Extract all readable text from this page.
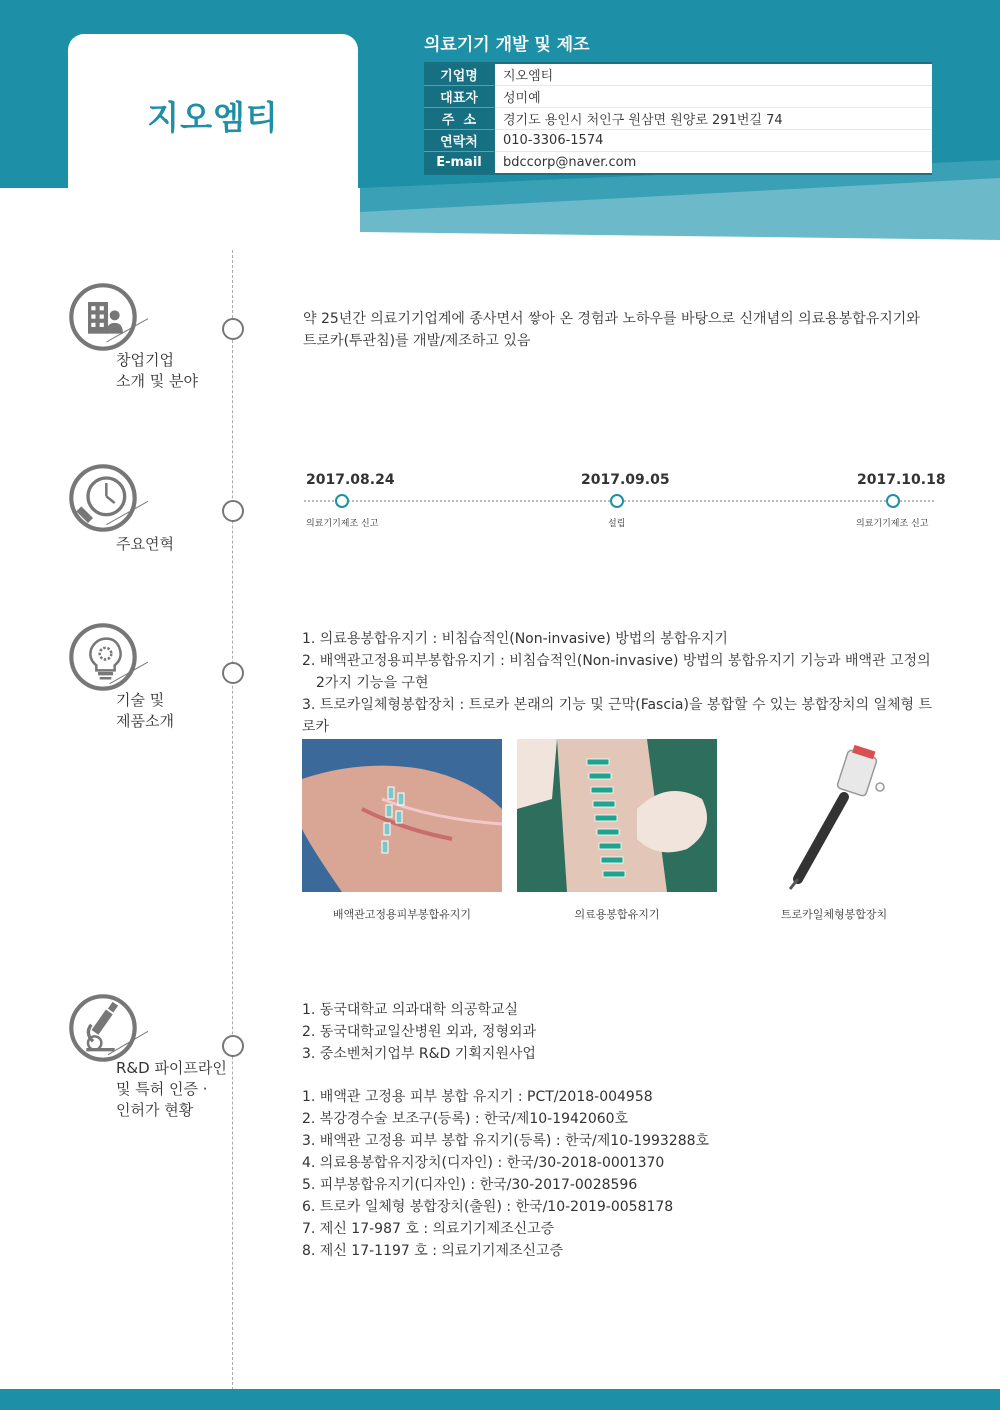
지오엠티
의료기기 개발 및 제조
기업명	지오엠티
대표자	성미예
주  소	경기도 용인시 처인구 원삼면 원양로 291번길 74
연락처	010-3306-1574
E-mail	bdccorp@naver.com
창업기업
소개 및 분야
약 25년간 의료기기업계에 종사면서 쌓아 온 경험과 노하우를 바탕으로 신개념의 의료용봉합유지기와 트로카(투관침)를 개발/제조하고 있음
주요연혁
2017.08.24
의료기기제조 신고
2017.09.05
설립
2017.10.18
의료기기제조 신고
기술 및
제품소개
1. 의료용봉합유지기 : 비침습적인(Non-invasive) 방법의 봉합유지기
2. 배액관고정용피부봉합유지기 : 비침습적인(Non-invasive) 방법의 봉합유지기 기능과 배액관 고정의
2가지 기능을 구현
3. 트로카일체형봉합장치 : 트로카 본래의 기능 및 근막(Fascia)을 봉합할 수 있는 봉합장치의 일체형 트로카
배액관고정용피부봉합유지기	의료용봉합유지기	트로카일체형봉합장치
R&D 파이프라인
및 특허 인증 ·
인허가 현황
1. 동국대학교 의과대학 의공학교실
2. 동국대학교일산병원 외과, 정형외과
3. 중소벤처기업부 R&D 기획지원사업
1. 배액관 고정용 피부 봉합 유지기 : PCT/2018-004958
2. 복강경수술 보조구(등록) : 한국/제10-1942060호
3. 배액관 고정용 피부 봉합 유지기(등록) : 한국/제10-1993288호
4. 의료용봉합유지장치(디자인) : 한국/30-2018-0001370
5. 피부봉합유지기(디자인) : 한국/30-2017-0028596
6. 트로카 일체형 봉합장치(출원) : 한국/10-2019-0058178
7. 제신 17-987 호 : 의료기기제조신고증
8. 제신 17-1197 호 : 의료기기제조신고증
